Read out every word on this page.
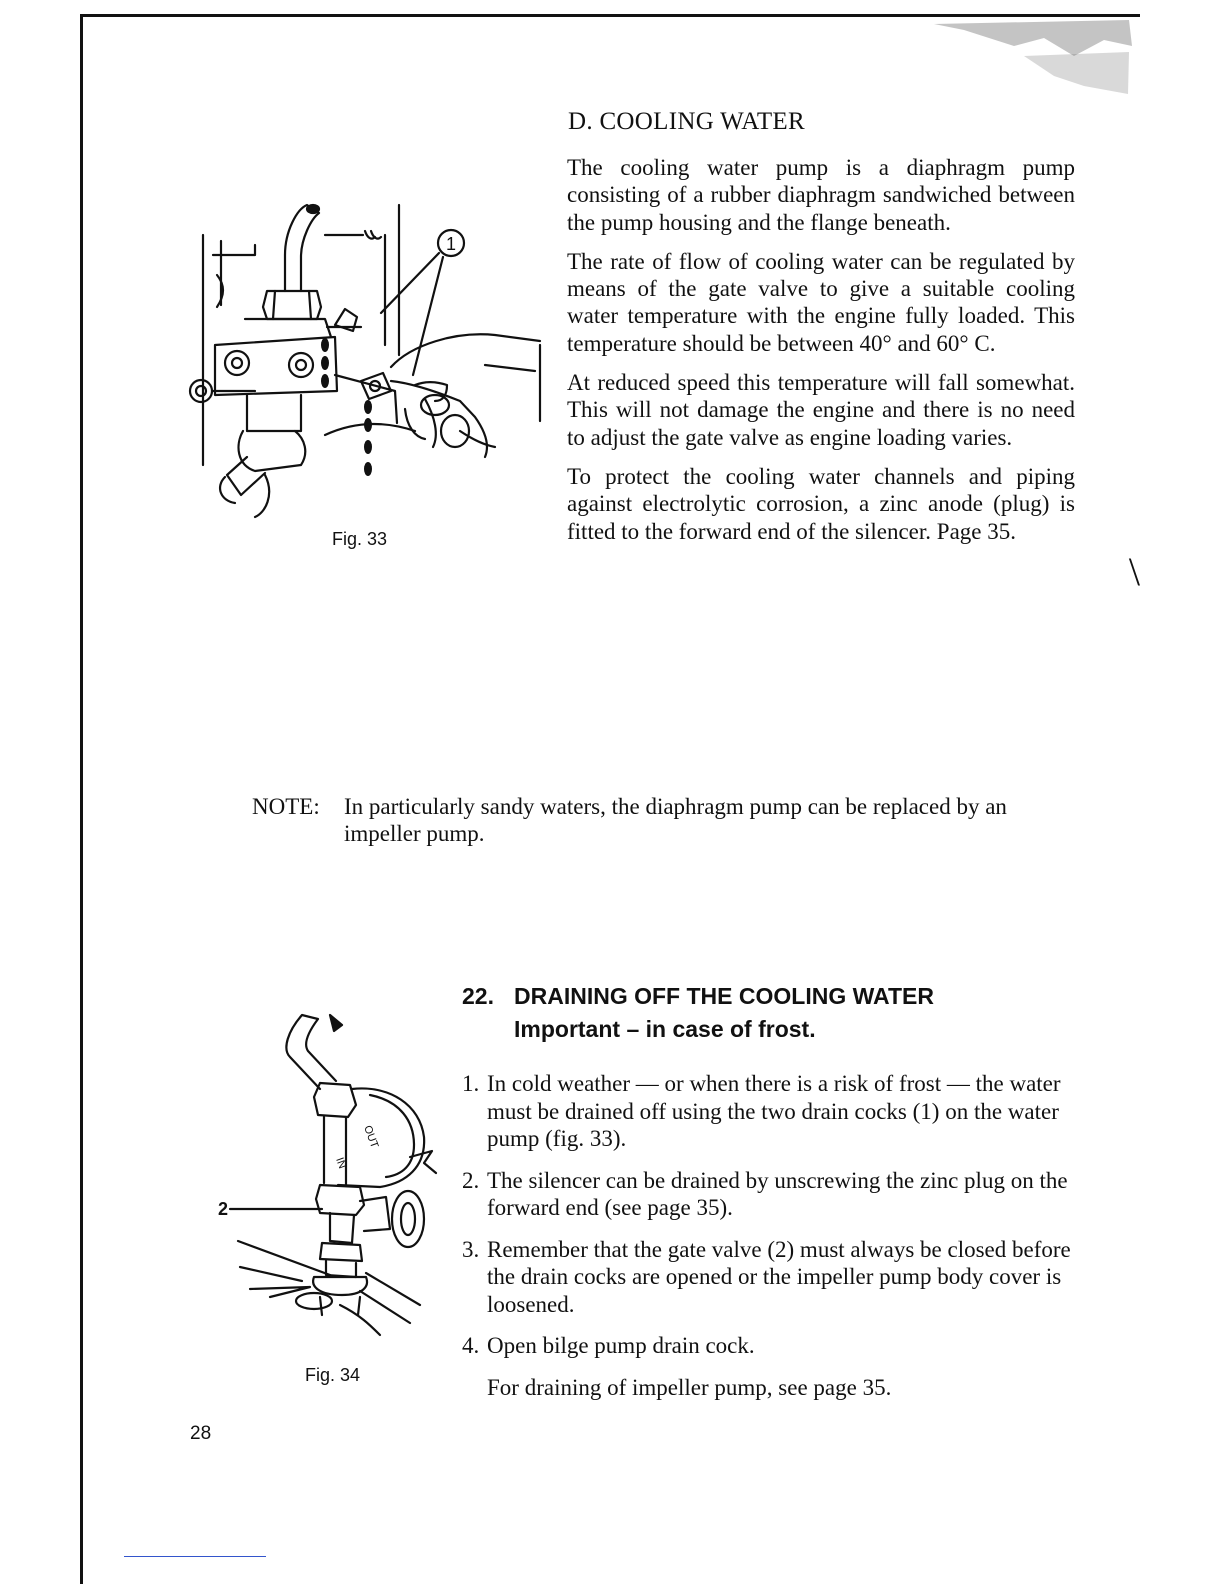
1
Fig. 33
D. COOLING WATER

The cooling water pump is a diaphragm pump consisting of a rubber diaphragm sandwiched between the pump housing and the flange beneath.

The rate of flow of cooling water can be regulated by means of the gate valve to give a suitable cooling water temperature with the engine fully loaded. This temperature should be between 40° and 60° C.

At reduced speed this temperature will fall somewhat. This will not damage the engine and there is no need to adjust the gate valve as engine loading varies.

To protect the cooling water channels and piping against electrolytic corrosion, a zinc anode (plug) is fitted to the forward end of the silencer. Page 35.

\
NOTE:	In particularly sandy waters, the diaphragm pump can be replaced by an impeller pump.
OUT
IN
2
Fig. 34
22. DRAINING OFF THE COOLING WATER
Important – in case of frost.
1. In cold weather — or when there is a risk of frost — the water must be drained off using the two drain cocks (1) on the water pump (fig. 33).
2. The silencer can be drained by unscrewing the zinc plug on the forward end (see page 35).
3. Remember that the gate valve (2) must always be closed before the drain cocks are opened or the impeller pump body cover is loosened.
4. Open bilge pump drain cock.
For draining of impeller pump, see page 35.
28
